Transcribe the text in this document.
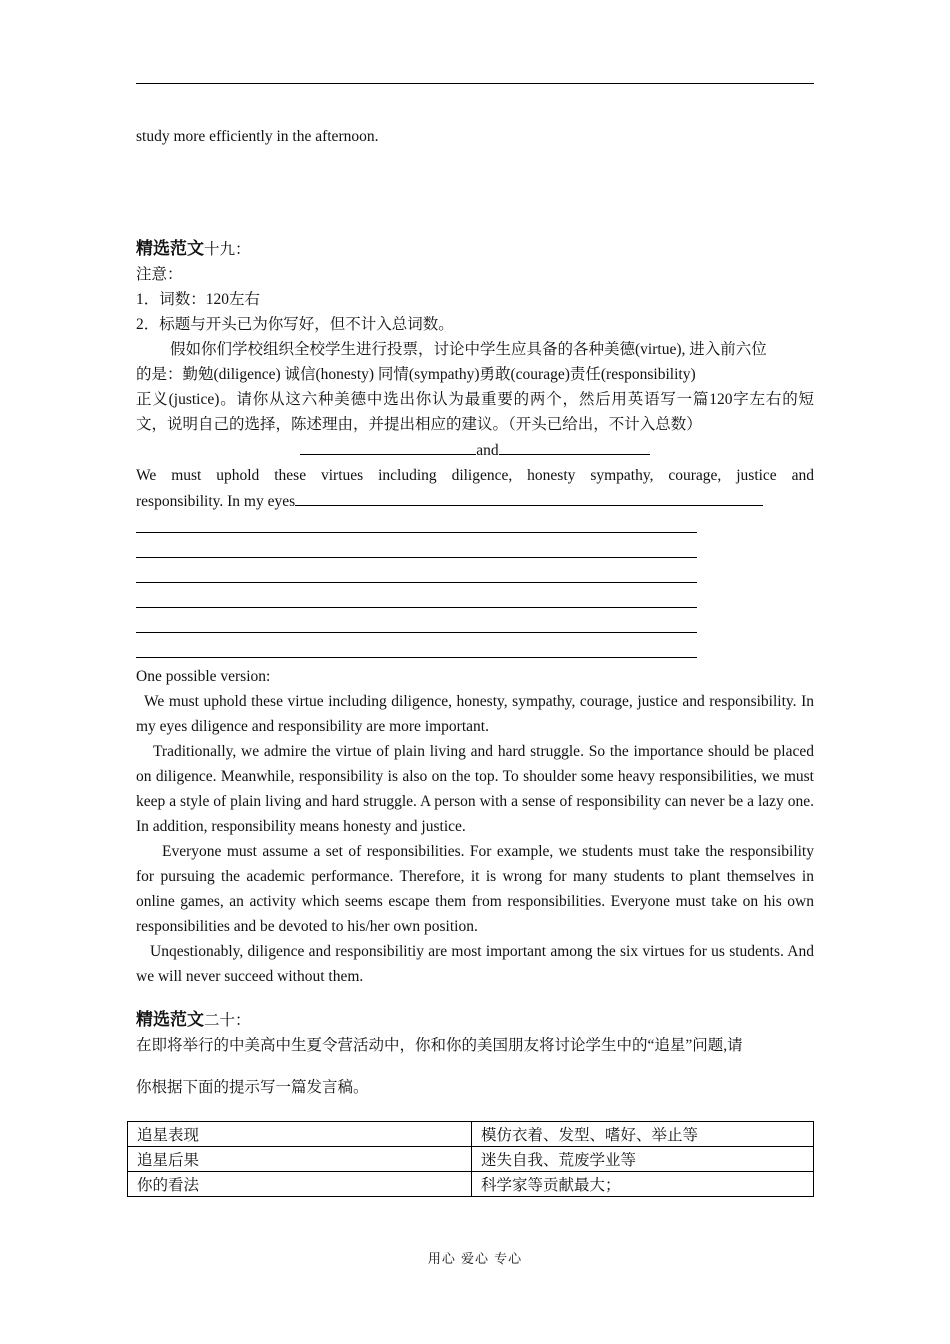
study more efficiently in the afternoon.

精选范文十九：

注意：

1．词数：120左右

2．标题与开头已为你写好，但不计入总词数。

假如你们学校组织全校学生进行投票，讨论中学生应具备的各种美德(virtue), 进入前六位

的是：勤勉(diligence) 诚信(honesty) 同情(sympathy)勇敢(courage)责任(responsibility)

正义(justice)。请你从这六种美德中选出你认为最重要的两个，然后用英语写一篇120字左右的短文，说明自己的选择，陈述理由，并提出相应的建议。（开头已给出，不计入总数）

and

We must uphold these virtues including diligence, honesty sympathy, courage, justice and

responsibility. In my eyes

One possible version:

We must uphold these virtue including diligence, honesty, sympathy, courage, justice and responsibility. In my eyes diligence and responsibility are more important.

Traditionally, we admire the virtue of plain living and hard struggle. So the importance should be placed on diligence. Meanwhile, responsibility is also on the top. To shoulder some heavy responsibilities, we must keep a style of plain living and hard struggle. A person with a sense of responsibility can never be a lazy one. In addition, responsibility means honesty and justice.

Everyone must assume a set of responsibilities. For example, we students must take the responsibility for pursuing the academic performance. Therefore, it is wrong for many students to plant themselves in online games, an activity which seems escape them from responsibilities. Everyone must take on his own responsibilities and be devoted to his/her own position.

Unqestionably, diligence and responsibilitiy are most important among the six virtues for us students. And we will never succeed without them.

精选范文二十：

在即将举行的中美高中生夏令营活动中，你和你的美国朋友将讨论学生中的“追星”问题,请

你根据下面的提示写一篇发言稿。

追星表现	模仿衣着、发型、嗜好、举止等
追星后果	迷失自我、荒废学业等
你的看法	科学家等贡献最大；
用心 爱心 专心
